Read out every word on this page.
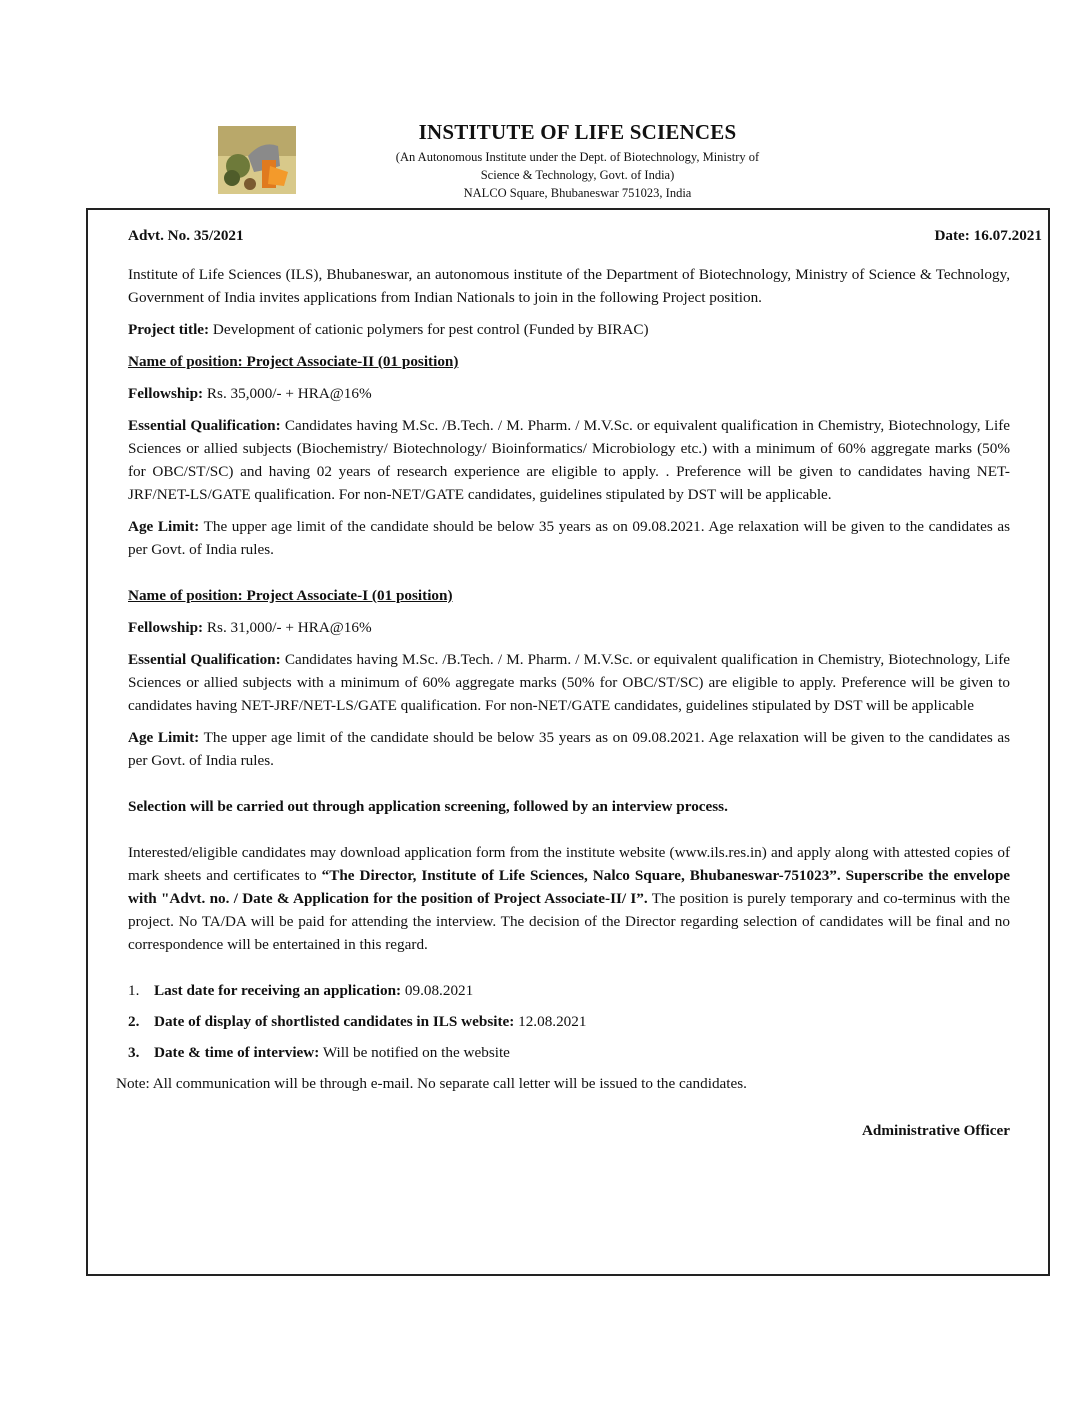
INSTITUTE OF LIFE SCIENCES
(An Autonomous Institute under the Dept. of Biotechnology, Ministry of
Science & Technology, Govt. of India)
NALCO Square, Bhubaneswar 751023, India
Advt. No. 35/2021	Date: 16.07.2021

Institute of Life Sciences (ILS), Bhubaneswar, an autonomous institute of the Department of Biotechnology, Ministry of Science & Technology, Government of India invites applications from Indian Nationals to join in the following Project position.

Project title: Development of cationic polymers for pest control (Funded by BIRAC)

Name of position: Project Associate-II (01 position)

Fellowship: Rs. 35,000/- + HRA@16%

Essential Qualification: Candidates having M.Sc. /B.Tech. / M. Pharm. / M.V.Sc. or equivalent qualification in Chemistry, Biotechnology, Life Sciences or allied subjects (Biochemistry/ Biotechnology/ Bioinformatics/ Microbiology etc.) with a minimum of 60% aggregate marks (50% for OBC/ST/SC) and having 02 years of research experience are eligible to apply. . Preference will be given to candidates having NET-JRF/NET-LS/GATE qualification. For non-NET/GATE candidates, guidelines stipulated by DST will be applicable.

Age Limit: The upper age limit of the candidate should be below 35 years as on 09.08.2021. Age relaxation will be given to the candidates as per Govt. of India rules.

Name of position: Project Associate-I (01 position)

Fellowship: Rs. 31,000/- + HRA@16%

Essential Qualification: Candidates having M.Sc. /B.Tech. / M. Pharm. / M.V.Sc. or equivalent qualification in Chemistry, Biotechnology, Life Sciences or allied subjects with a minimum of 60% aggregate marks (50% for OBC/ST/SC) are eligible to apply. Preference will be given to candidates having NET-JRF/NET-LS/GATE qualification. For non-NET/GATE candidates, guidelines stipulated by DST will be applicable

Age Limit: The upper age limit of the candidate should be below 35 years as on 09.08.2021. Age relaxation will be given to the candidates as per Govt. of India rules.

Selection will be carried out through application screening, followed by an interview process.

Interested/eligible candidates may download application form from the institute website (www.ils.res.in) and apply along with attested copies of mark sheets and certificates to “The Director, Institute of Life Sciences, Nalco Square, Bhubaneswar-751023”. Superscribe the envelope with "Advt. no. / Date & Application for the position of Project Associate-II/ I”. The position is purely temporary and co-terminus with the project. No TA/DA will be paid for attending the interview. The decision of the Director regarding selection of candidates will be final and no correspondence will be entertained in this regard.

1. Last date for receiving an application: 09.08.2021
2. Date of display of shortlisted candidates in ILS website: 12.08.2021
3. Date & time of interview: Will be notified on the website

Note: All communication will be through e-mail. No separate call letter will be issued to the candidates.

Administrative Officer
